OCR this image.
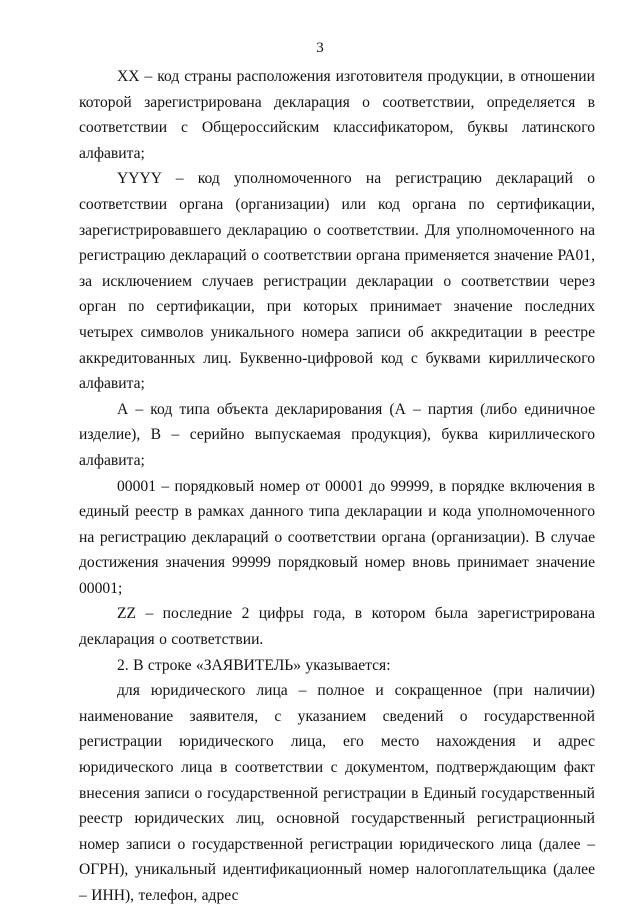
3

XX – код страны расположения изготовителя продукции, в отношении которой зарегистрирована декларация о соответствии, определяется в соответствии с Общероссийским классификатором, буквы латинского алфавита;

YYYY – код уполномоченного на регистрацию деклараций о соответствии органа (организации) или код органа по сертификации, зарегистрировавшего декларацию о соответствии. Для уполномоченного на регистрацию деклараций о соответствии органа применяется значение РА01, за исключением случаев регистрации декларации о соответствии через орган по сертификации, при которых принимает значение последних четырех символов уникального номера записи об аккредитации в реестре аккредитованных лиц. Буквенно-цифровой код с буквами кириллического алфавита;

А – код типа объекта декларирования (А – партия (либо единичное изделие), В – серийно выпускаемая продукция), буква кириллического алфавита;

00001 – порядковый номер от 00001 до 99999, в порядке включения в единый реестр в рамках данного типа декларации и кода уполномоченного на регистрацию деклараций о соответствии органа (организации). В случае достижения значения 99999 порядковый номер вновь принимает значение 00001;

ZZ – последние 2 цифры года, в котором была зарегистрирована декларация о соответствии.

2. В строке «ЗАЯВИТЕЛЬ» указывается:

для юридического лица – полное и сокращенное (при наличии) наименование заявителя, с указанием сведений о государственной регистрации юридического лица, его место нахождения и адрес юридического лица в соответствии с документом, подтверждающим факт внесения записи о государственной регистрации в Единый государственный реестр юридических лиц, основной государственный регистрационный номер записи о государственной регистрации юридического лица (далее – ОГРН), уникальный идентификационный номер налогоплательщика (далее – ИНН), телефон, адрес
